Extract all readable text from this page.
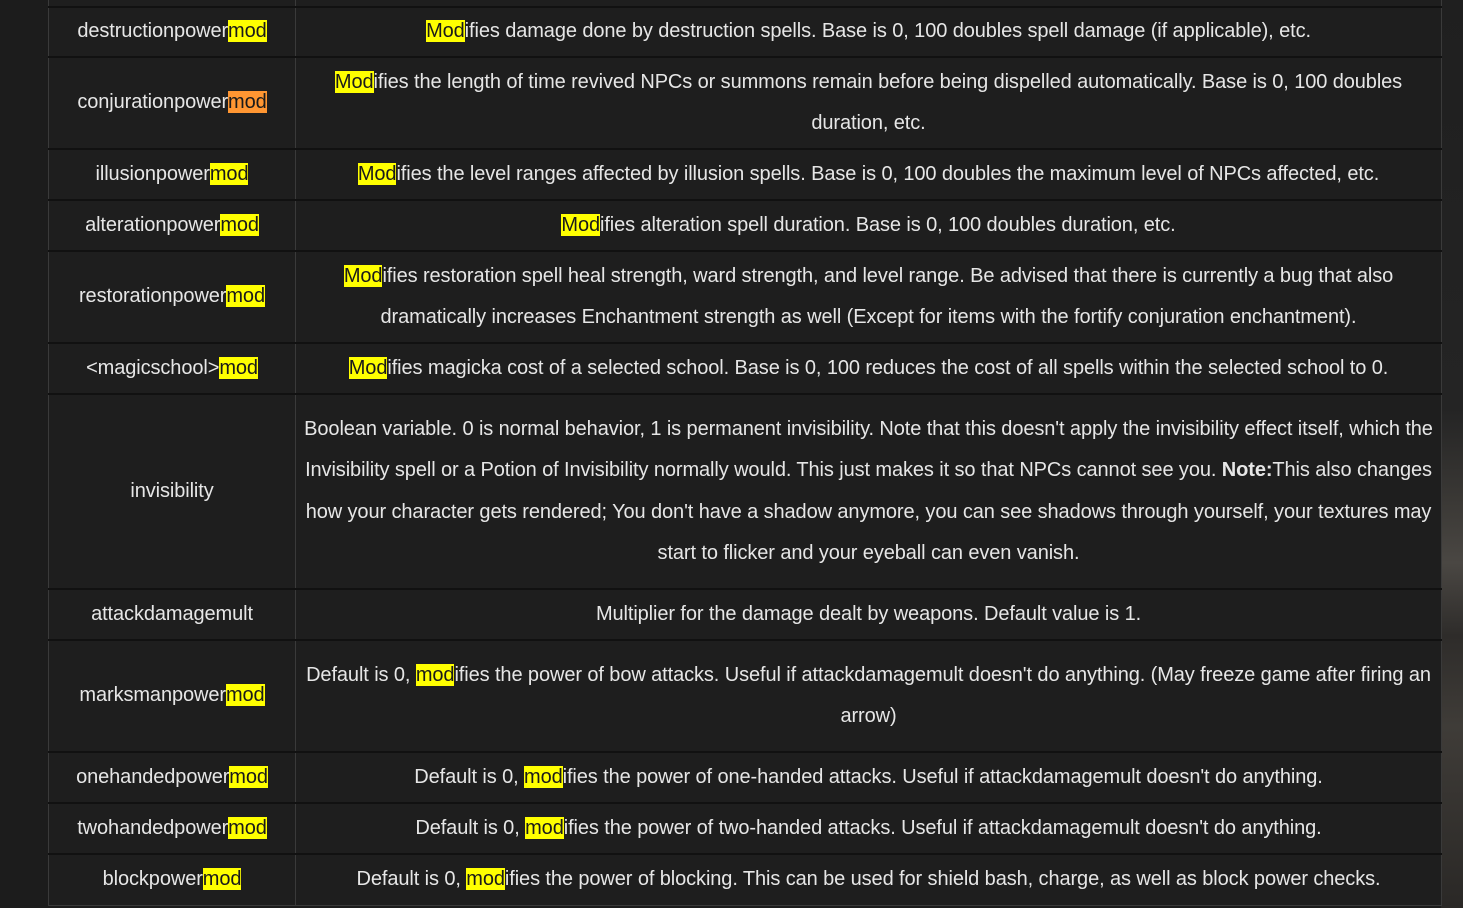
destructionpowermod	Modifies damage done by destruction spells. Base is 0, 100 doubles spell damage (if applicable), etc.
conjurationpowermod	Modifies the length of time revived NPCs or summons remain before being dispelled automatically. Base is 0, 100 doubles duration, etc.
illusionpowermod	Modifies the level ranges affected by illusion spells. Base is 0, 100 doubles the maximum level of NPCs affected, etc.
alterationpowermod	Modifies alteration spell duration. Base is 0, 100 doubles duration, etc.
restorationpowermod	Modifies restoration spell heal strength, ward strength, and level range. Be advised that there is currently a bug that also dramatically increases Enchantment strength as well (Except for items with the fortify conjuration enchantment).
<magicschool>mod	Modifies magicka cost of a selected school. Base is 0, 100 reduces the cost of all spells within the selected school to 0.
invisibility	Boolean variable. 0 is normal behavior, 1 is permanent invisibility. Note that this doesn't apply the invisibility effect itself, which the Invisibility spell or a Potion of Invisibility normally would. This just makes it so that NPCs cannot see you. Note:This also changes how your character gets rendered; You don't have a shadow anymore, you can see shadows through yourself, your textures may start to flicker and your eyeball can even vanish.
attackdamagemult	Multiplier for the damage dealt by weapons. Default value is 1.
marksmanpowermod	Default is 0, modifies the power of bow attacks. Useful if attackdamagemult doesn't do anything. (May freeze game after firing an arrow)
onehandedpowermod	Default is 0, modifies the power of one-handed attacks. Useful if attackdamagemult doesn't do anything.
twohandedpowermod	Default is 0, modifies the power of two-handed attacks. Useful if attackdamagemult doesn't do anything.
blockpowermod	Default is 0, modifies the power of blocking. This can be used for shield bash, charge, as well as block power checks.
